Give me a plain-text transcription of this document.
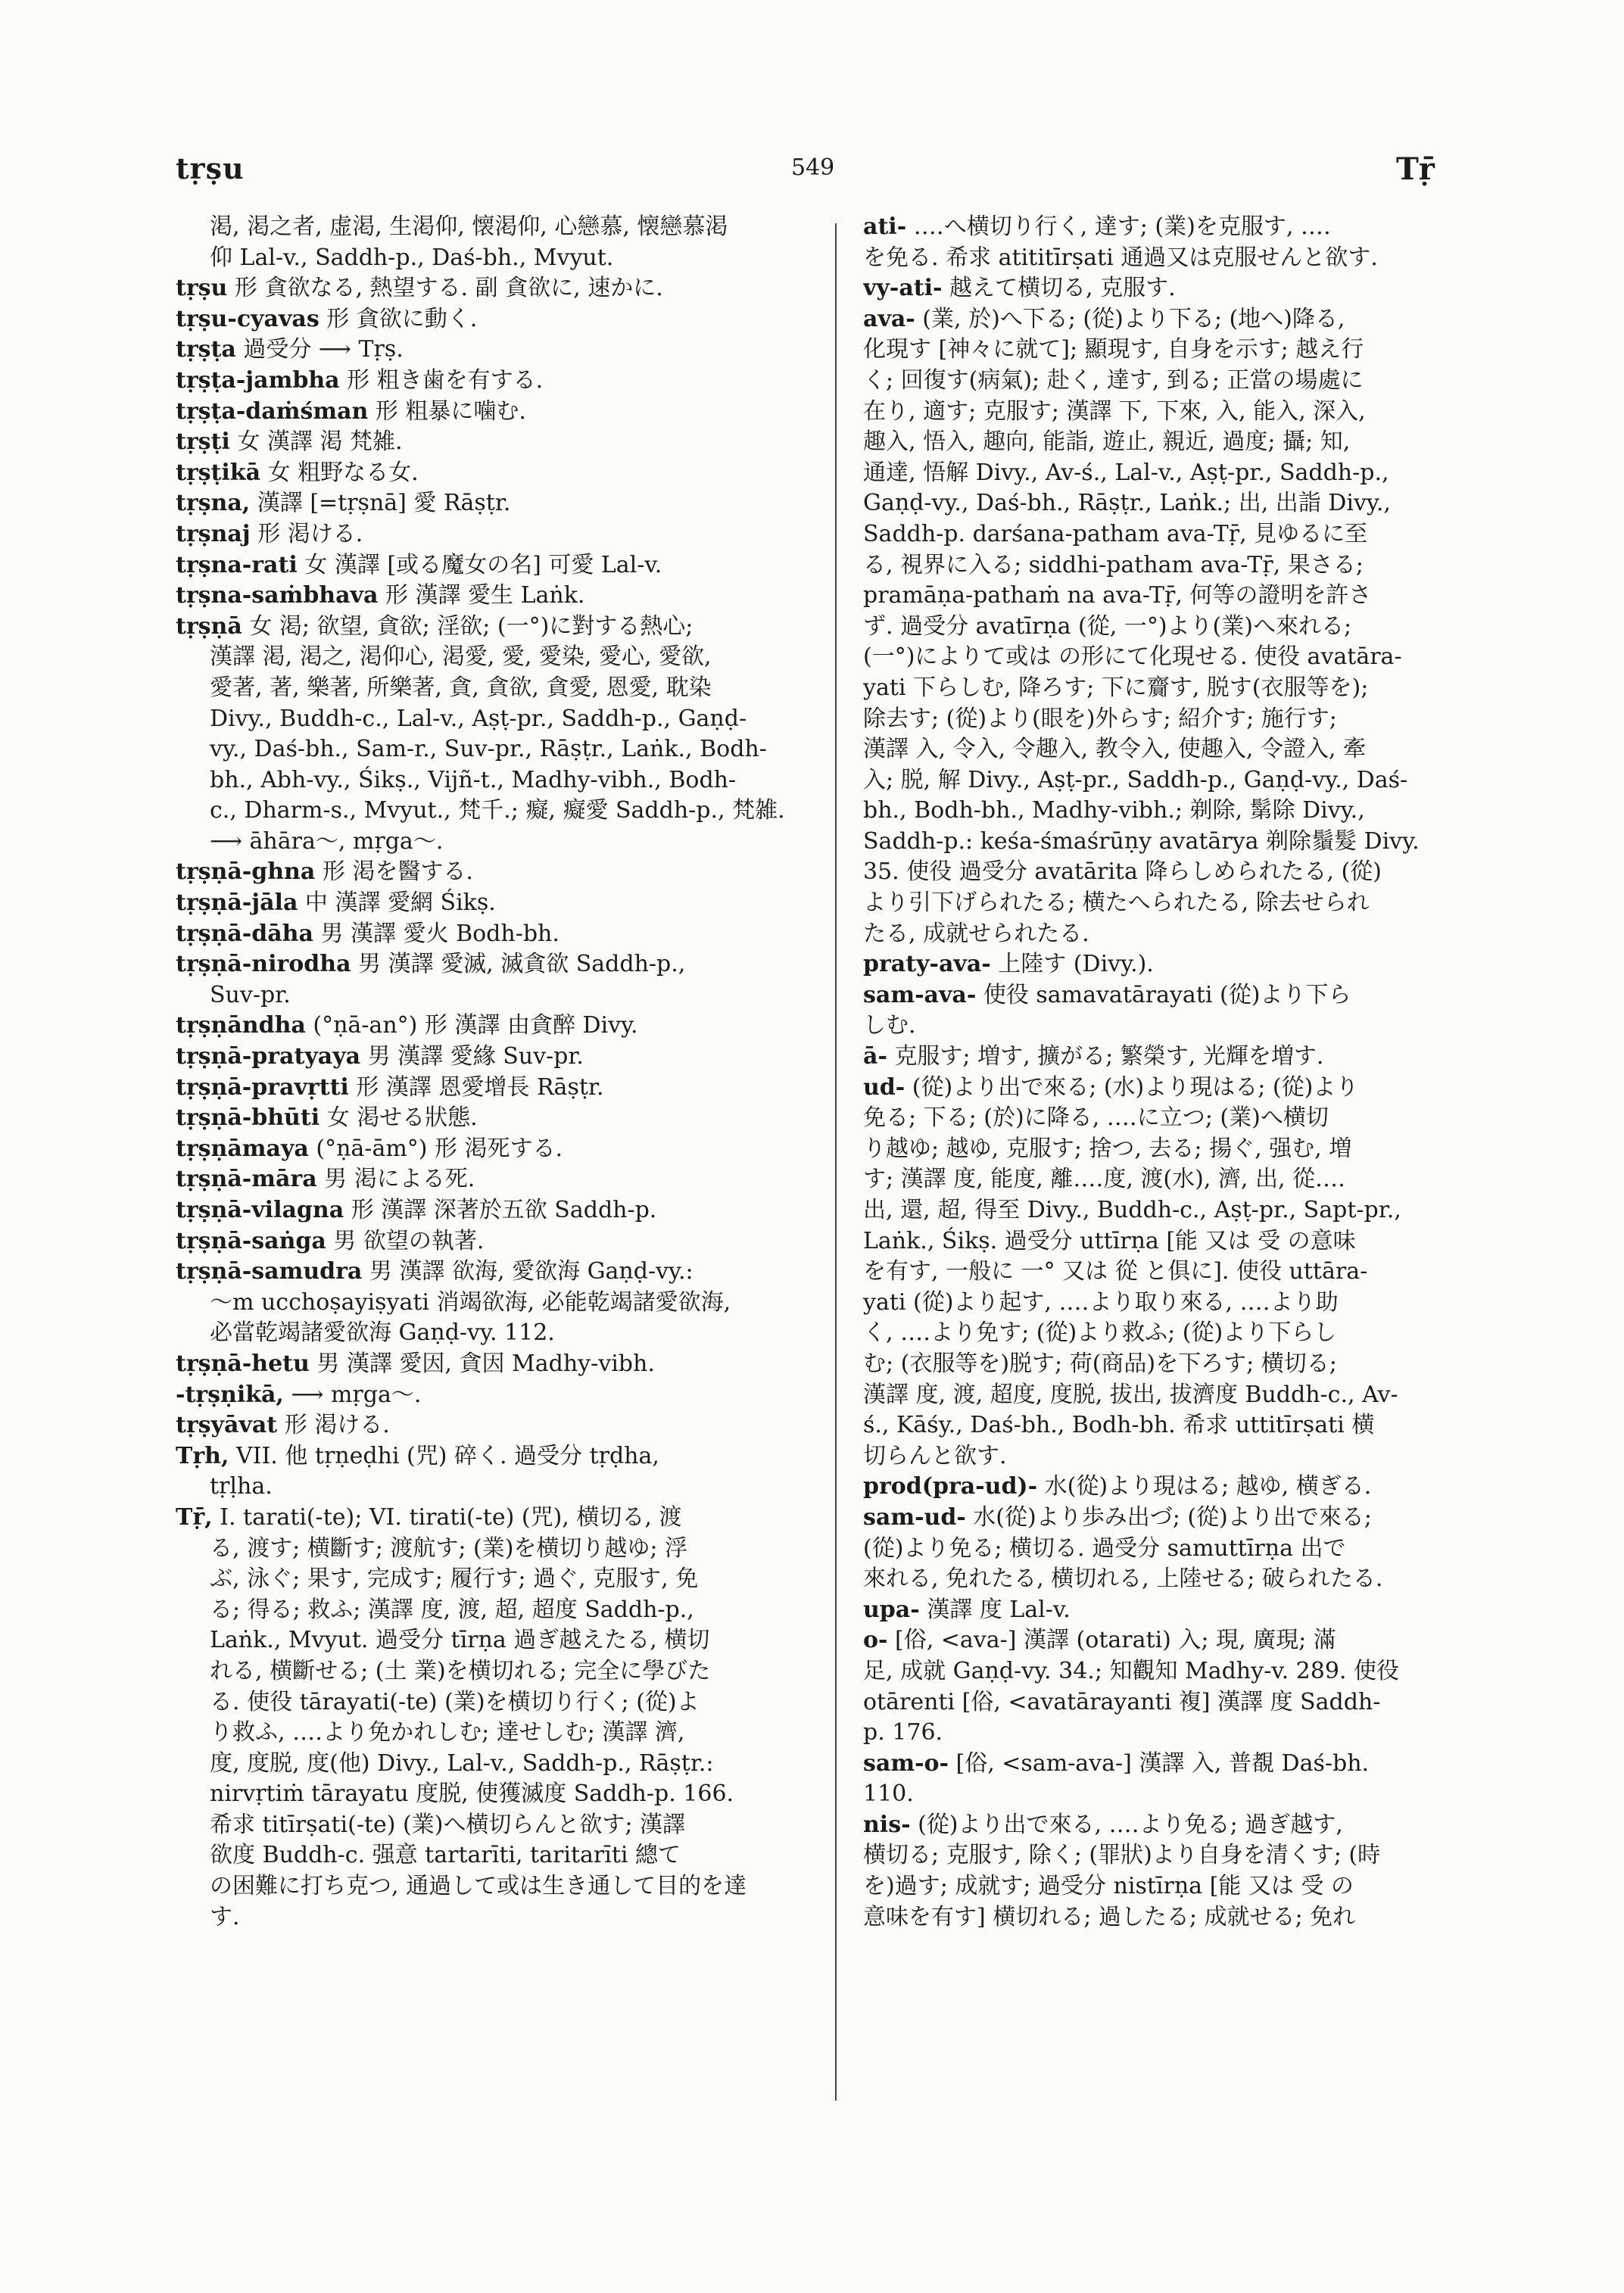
tṛṣu	549	Tṝ
渇, 渇之者, 虚渇, 生渇仰, 懐渇仰, 心戀慕, 懐戀慕渇
仰 Lal-v., Saddh-p., Daś-bh., Mvyut.
tṛṣu 形 貪欲なる, 熱望する. 副 貪欲に, 速かに.
tṛṣu-cyavas 形 貪欲に動く.
tṛṣṭa 過受分 ⟶ Tṛṣ.
tṛṣṭa-jambha 形 粗き歯を有する.
tṛṣṭa-daṁśman 形 粗暴に噛む.
tṛṣṭi 女 漢譯 渇 梵雑.
tṛṣṭikā 女 粗野なる女.
tṛṣna, 漢譯 [=tṛṣnā] 愛 Rāṣṭr.
tṛṣnaj 形 渇ける.
tṛṣna-rati 女 漢譯 [或る魔女の名] 可愛 Lal-v.
tṛṣna-saṁbhava 形 漢譯 愛生 Laṅk.
tṛṣṇā 女 渇; 欲望, 貪欲; 淫欲; (一°)に對する熱心;
漢譯 渇, 渇之, 渇仰心, 渇愛, 愛, 愛染, 愛心, 愛欲,
愛著, 著, 樂著, 所樂著, 貪, 貪欲, 貪愛, 恩愛, 耽染
Divy., Buddh-c., Lal-v., Aṣṭ-pr., Saddh-p., Gaṇḍ-
vy., Daś-bh., Sam-r., Suv-pr., Rāṣṭr., Laṅk., Bodh-
bh., Abh-vy., Śikṣ., Vijñ-t., Madhy-vibh., Bodh-
c., Dharm-s., Mvyut., 梵千.; 癡, 癡愛 Saddh-p., 梵雑.
⟶ āhāra〜, mṛga〜.
tṛṣṇā-ghna 形 渇を醫する.
tṛṣṇā-jāla 中 漢譯 愛網 Śikṣ.
tṛṣṇā-dāha 男 漢譯 愛火 Bodh-bh.
tṛṣṇā-nirodha 男 漢譯 愛滅, 滅貪欲 Saddh-p.,
Suv-pr.
tṛṣṇāndha (°ṇā-an°) 形 漢譯 由貪醉 Divy.
tṛṣṇā-pratyaya 男 漢譯 愛緣 Suv-pr.
tṛṣṇā-pravṛtti 形 漢譯 恩愛增長 Rāṣṭr.
tṛṣṇā-bhūti 女 渇せる狀態.
tṛṣṇāmaya (°ṇā-ām°) 形 渇死する.
tṛṣṇā-māra 男 渇による死.
tṛṣṇā-vilagna 形 漢譯 深著於五欲 Saddh-p.
tṛṣṇā-saṅga 男 欲望の執著.
tṛṣṇā-samudra 男 漢譯 欲海, 愛欲海 Gaṇḍ-vy.:
〜m ucchoṣayiṣyati 消竭欲海, 必能乾竭諸愛欲海,
必當乾竭諸愛欲海 Gaṇḍ-vy. 112.
tṛṣṇā-hetu 男 漢譯 愛因, 貪因 Madhy-vibh.
-tṛṣṇikā, ⟶ mṛga〜.
tṛṣyāvat 形 渇ける.
Tṛh, VII. 他 tṛṇeḍhi (咒) 碎く. 過受分 tṛḍha,
tṛḷha.
Tṝ, I. tarati(-te); VI. tirati(-te) (咒), 横切る, 渡
る, 渡す; 横斷す; 渡航す; (業)を横切り越ゆ; 浮
ぶ, 泳ぐ; 果す, 完成す; 履行す; 過ぐ, 克服す, 免
る; 得る; 救ふ; 漢譯 度, 渡, 超, 超度 Saddh-p.,
Laṅk., Mvyut. 過受分 tīrṇa 過ぎ越えたる, 横切
れる, 横斷せる; (土 業)を横切れる; 完全に學びた
る. 使役 tārayati(-te) (業)を横切り行く; (從)よ
り救ふ, ‥‥より免かれしむ; 達せしむ; 漢譯 濟,
度, 度脱, 度(他) Divy., Lal-v., Saddh-p., Rāṣṭr.:
nirvṛtiṁ tārayatu 度脱, 使獲滅度 Saddh-p. 166.
希求 titīrṣati(-te) (業)へ横切らんと欲す; 漢譯
欲度 Buddh-c. 强意 tartarīti, taritarīti 總て
の困難に打ち克つ, 通過して或は生き通して目的を達
す.
ati- ‥‥へ横切り行く, 達す; (業)を克服す, ‥‥
を免る. 希求 atititīrṣati 通過又は克服せんと欲す.
vy-ati- 越えて横切る, 克服す.
ava- (業, 於)へ下る; (從)より下る; (地へ)降る,
化現す [神々に就て]; 顯現す, 自身を示す; 越え行
く; 回復す(病氣); 赴く, 達す, 到る; 正當の場處に
在り, 適す; 克服す; 漢譯 下, 下來, 入, 能入, 深入,
趣入, 悟入, 趣向, 能詣, 遊止, 親近, 過度; 攝; 知,
通達, 悟解 Divy., Av-ś., Lal-v., Aṣṭ-pr., Saddh-p.,
Gaṇḍ-vy., Daś-bh., Rāṣṭr., Laṅk.; 出, 出詣 Divy.,
Saddh-p. darśana-patham ava-Tṝ, 見ゆるに至
る, 視界に入る; siddhi-patham ava-Tṝ, 果さる;
pramāṇa-pathaṁ na ava-Tṝ, 何等の證明を許さ
ず. 過受分 avatīrṇa (從, 一°)より(業)へ來れる;
(一°)によりて或は の形にて化現せる. 使役 avatāra-
yati 下らしむ, 降ろす; 下に齎す, 脱す(衣服等を);
除去す; (從)より(眼を)外らす; 紹介す; 施行す;
漢譯 入, 令入, 令趣入, 教令入, 使趣入, 令證入, 牽
入; 脱, 解 Divy., Aṣṭ-pr., Saddh-p., Gaṇḍ-vy., Daś-
bh., Bodh-bh., Madhy-vibh.; 剃除, 鬀除 Divy.,
Saddh-p.: keśa-śmaśrūṇy avatārya 剃除鬚髮 Divy.
35. 使役 過受分 avatārita 降らしめられたる, (從)
より引下げられたる; 横たへられたる, 除去せられ
たる, 成就せられたる.
praty-ava- 上陸す (Divy.).
sam-ava- 使役 samavatārayati (從)より下ら
しむ.
ā- 克服す; 増す, 擴がる; 繁榮す, 光輝を増す.
ud- (從)より出で來る; (水)より現はる; (從)より
免る; 下る; (於)に降る, ‥‥に立つ; (業)へ横切
り越ゆ; 越ゆ, 克服す; 捨つ, 去る; 揚ぐ, 强む, 増
す; 漢譯 度, 能度, 離‥‥度, 渡(水), 濟, 出, 從‥‥
出, 還, 超, 得至 Divy., Buddh-c., Aṣṭ-pr., Sapt-pr.,
Laṅk., Śikṣ. 過受分 uttīrṇa [能 又は 受 の意味
を有す, 一般に 一° 又は 從 と俱に]. 使役 uttāra-
yati (從)より起す, ‥‥より取り來る, ‥‥より助
く, ‥‥より免す; (從)より救ふ; (從)より下らし
む; (衣服等を)脱す; 荷(商品)を下ろす; 横切る;
漢譯 度, 渡, 超度, 度脱, 拔出, 拔濟度 Buddh-c., Av-
ś., Kāśy., Daś-bh., Bodh-bh. 希求 uttitīrṣati 横
切らんと欲す.
prod(pra-ud)- 水(從)より現はる; 越ゆ, 横ぎる.
sam-ud- 水(從)より歩み出づ; (從)より出で來る;
(從)より免る; 横切る. 過受分 samuttīrṇa 出で
來れる, 免れたる, 横切れる, 上陸せる; 破られたる.
upa- 漢譯 度 Lal-v.
o- [俗, <ava-] 漢譯 (otarati) 入; 現, 廣現; 滿
足, 成就 Gaṇḍ-vy. 34.; 知觀知 Madhy-v. 289. 使役
otārenti [俗, <avatārayanti 複] 漢譯 度 Saddh-
p. 176.
sam-o- [俗, <sam-ava-] 漢譯 入, 普覩 Daś-bh.
110.
nis- (從)より出で來る, ‥‥より免る; 過ぎ越す,
横切る; 克服す, 除く; (罪狀)より自身を清くす; (時
を)過す; 成就す; 過受分 nistīrṇa [能 又は 受 の
意味を有す] 横切れる; 過したる; 成就せる; 免れ
